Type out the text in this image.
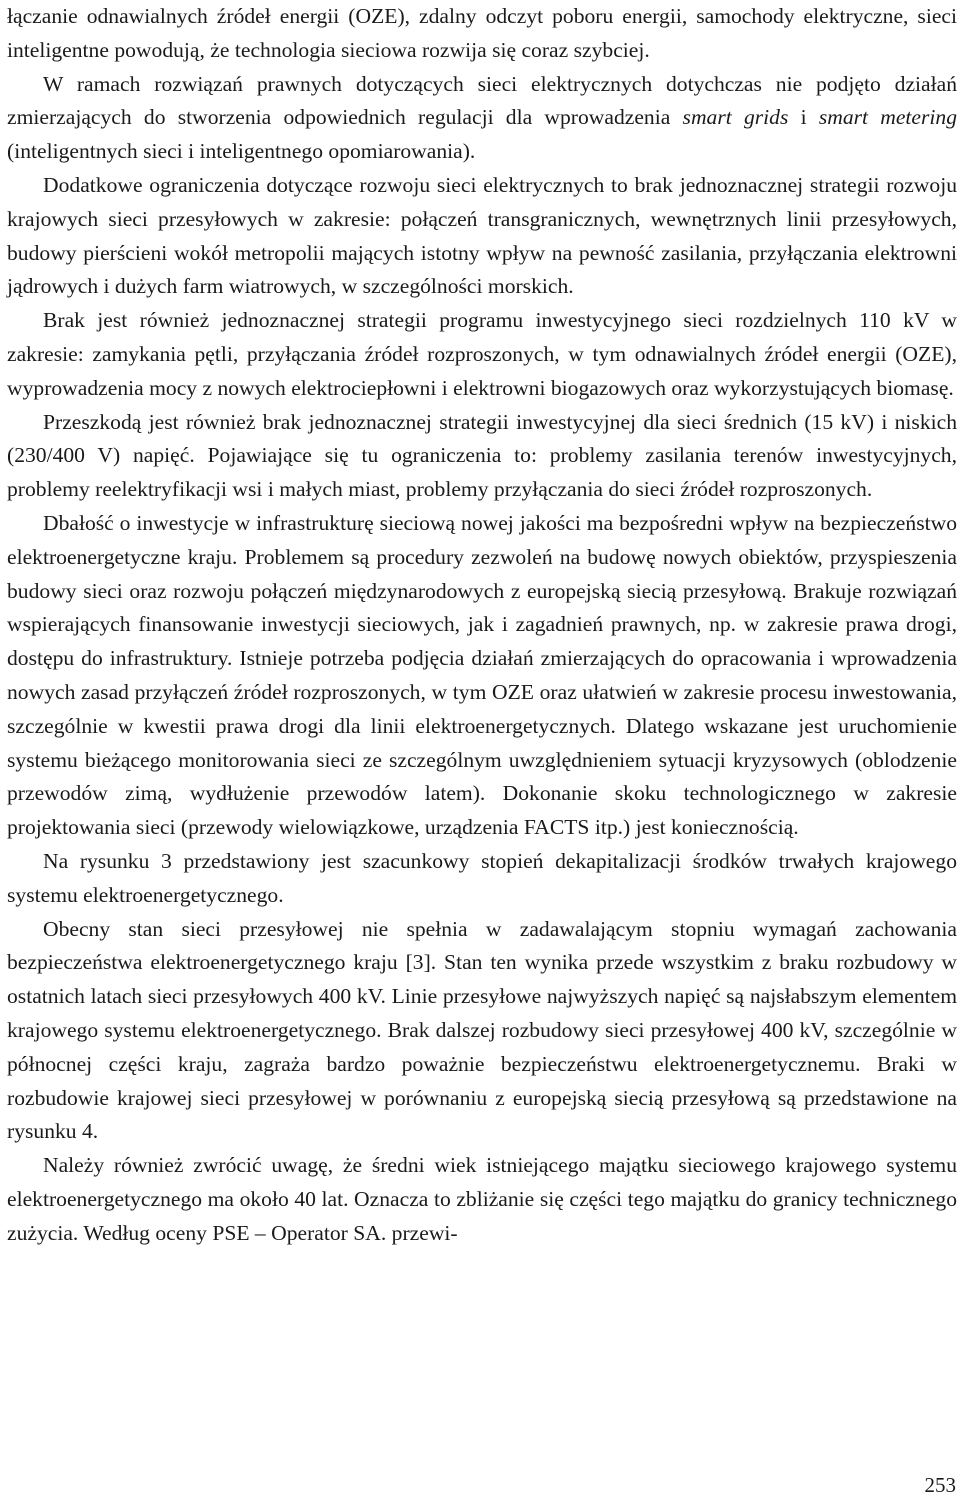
łączanie odnawialnych źródeł energii (OZE), zdalny odczyt poboru energii, samochody elektryczne, sieci inteligentne powodują, że technologia sieciowa rozwija się coraz szybciej.

W ramach rozwiązań prawnych dotyczących sieci elektrycznych dotychczas nie podjęto działań zmierzających do stworzenia odpowiednich regulacji dla wprowadzenia smart grids i smart metering (inteligentnych sieci i inteligentnego opomiarowania).

Dodatkowe ograniczenia dotyczące rozwoju sieci elektrycznych to brak jednoznacznej strategii rozwoju krajowych sieci przesyłowych w zakresie: połączeń transgranicznych, wewnętrznych linii przesyłowych, budowy pierścieni wokół metropolii mających istotny wpływ na pewność zasilania, przyłączania elektrowni jądrowych i dużych farm wiatrowych, w szczególności morskich.

Brak jest również jednoznacznej strategii programu inwestycyjnego sieci rozdzielnych 110 kV w zakresie: zamykania pętli, przyłączania źródeł rozproszonych, w tym odnawialnych źródeł energii (OZE), wyprowadzenia mocy z nowych elektrociepłowni i elektrowni biogazowych oraz wykorzystujących biomasę.

Przeszkodą jest również brak jednoznacznej strategii inwestycyjnej dla sieci średnich (15 kV) i niskich (230/400 V) napięć. Pojawiające się tu ograniczenia to: problemy zasilania terenów inwestycyjnych, problemy reelektryfikacji wsi i małych miast, problemy przyłączania do sieci źródeł rozproszonych.

Dbałość o inwestycje w infrastrukturę sieciową nowej jakości ma bezpośredni wpływ na bezpieczeństwo elektroenergetyczne kraju. Problemem są procedury zezwoleń na budowę nowych obiektów, przyspieszenia budowy sieci oraz rozwoju połączeń międzynarodowych z europejską siecią przesyłową. Brakuje rozwiązań wspierających finansowanie inwestycji sieciowych, jak i zagadnień prawnych, np. w zakresie prawa drogi, dostępu do infrastruktury. Istnieje potrzeba podjęcia działań zmierzających do opracowania i wprowadzenia nowych zasad przyłączeń źródeł rozproszonych, w tym OZE oraz ułatwień w zakresie procesu inwestowania, szczególnie w kwestii prawa drogi dla linii elektroenergetycznych. Dlatego wskazane jest uruchomienie systemu bieżącego monitorowania sieci ze szczególnym uwzględnieniem sytuacji kryzysowych (oblodzenie przewodów zimą, wydłużenie przewodów latem). Dokonanie skoku technologicznego w zakresie projektowania sieci (przewody wielowiązkowe, urządzenia FACTS itp.) jest koniecznością.

Na rysunku 3 przedstawiony jest szacunkowy stopień dekapitalizacji środków trwałych krajowego systemu elektroenergetycznego.

Obecny stan sieci przesyłowej nie spełnia w zadawalającym stopniu wymagań zachowania bezpieczeństwa elektroenergetycznego kraju [3]. Stan ten wynika przede wszystkim z braku rozbudowy w ostatnich latach sieci przesyłowych 400 kV. Linie przesyłowe najwyższych napięć są najsłabszym elementem krajowego systemu elektroenergetycznego. Brak dalszej rozbudowy sieci przesyłowej 400 kV, szczególnie w północnej części kraju, zagraża bardzo poważnie bezpieczeństwu elektroenergetycznemu. Braki w rozbudowie krajowej sieci przesyłowej w porównaniu z europejską siecią przesyłową są przedstawione na rysunku 4.

Należy również zwrócić uwagę, że średni wiek istniejącego majątku sieciowego krajowego systemu elektroenergetycznego ma około 40 lat. Oznacza to zbliżanie się części tego majątku do granicy technicznego zużycia. Według oceny PSE – Operator SA. przewi-

253
